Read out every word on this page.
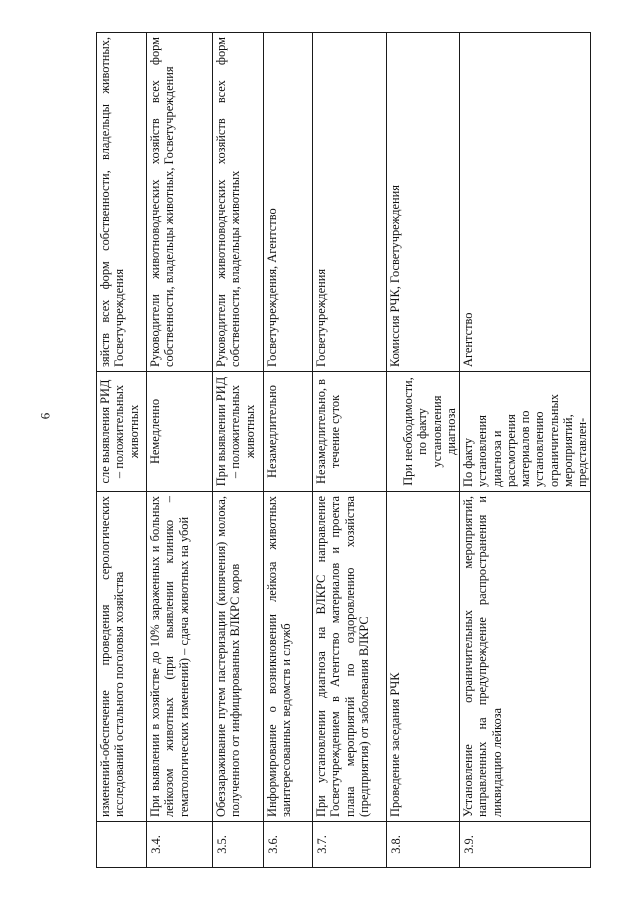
6
	изменений-обеспечение проведения серологических исследований остального поголовья хозяйства	сле выявления РИД – положительных животных	зяйств всех форм собственности, владельцы животных, Госветучреждения
3.4.	При выявлении в хозяйстве до 10% зараженных и больных лейкозом животных (при выявлении клинико – гематологических изменений) – сдача животных на убой	Немедленно	Руководители животноводческих хозяйств всех форм собственности, владельцы животных, Госветучреждения
3.5.	Обеззараживание путем пастеризации (кипячения) молока, полученного от инфицированных ВЛКРС коров	При выявлении РИД – положительных животных	Руководители животноводческих хозяйств всех форм собственности, владельцы животных
3.6.	Информирование о возникновении лейкоза животных заинтересованных ведомств и служб	Незамедлительно	Госветучреждения, Агентство
3.7.	При установлении диагноза на ВЛКРС направление Госветучреждением в Агентство материалов и проекта плана мероприятий по оздоровлению хозяйства (предприятия) от заболевания ВЛКРС	Незамедлительно, в течение суток	Госветучреждения
3.8.	Проведение заседания РЧК	При необходимости, по факту установления диагноза	Комиссия РЧК, Госветучреждения
3.9.	Установление ограничительных мероприятий, направленных на предупреждение распространения и ликвидацию лейкоза	По факту установления диагноза и рассмотрения материалов по установлению ограничительных мероприятий, представлен-	Агентство
